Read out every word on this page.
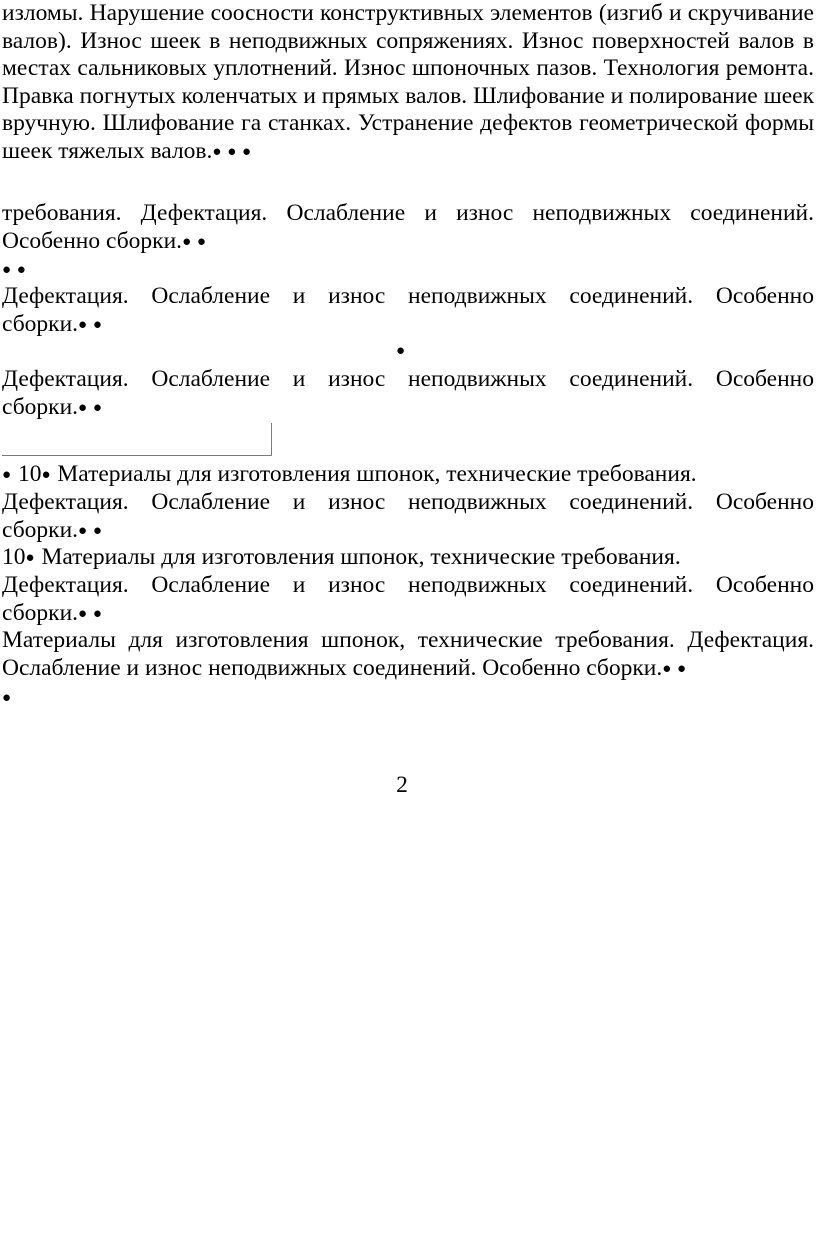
изломы. Нарушение соосности конструктивных элементов (изгиб и скручивание валов). Износ шеек в неподвижных сопряжениях. Износ поверхностей валов в местах сальниковых уплотнений. Износ шпоночных пазов. Технология ремонта. Правка погнутых коленчатых и прямых валов. Шлифование и полирование шеек вручную. Шлифование га станках. Устранение дефектов геометрической формы шеек тяжелых валов.● ● ●
требования. Дефектация. Ослабление и износ неподвижных соединений. Особенно сборки.● ●
● ●
Дефектация. Ослабление и износ неподвижных соединений. Особенно сборки.● ●
●
Дефектация. Ослабление и износ неподвижных соединений. Особенно сборки.● ●
● 10● Материалы для изготовления шпонок, технические требования.
Дефектация. Ослабление и износ неподвижных соединений. Особенно сборки.● ●
10● Материалы для изготовления шпонок, технические требования.
Дефектация. Ослабление и износ неподвижных соединений. Особенно сборки.● ●
Материалы для изготовления шпонок, технические требования. Дефектация. Ослабление и износ неподвижных соединений. Особенно сборки.● ●
●
2
